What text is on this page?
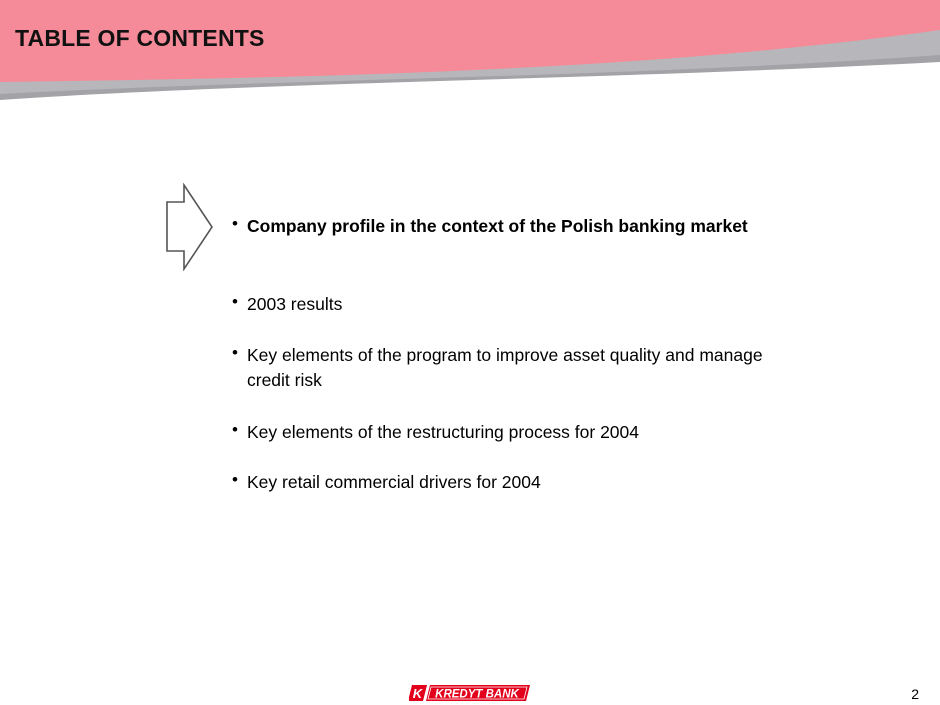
TABLE OF CONTENTS
• Company profile in the context of the Polish banking market
• 2003 results
• Key elements of the program to improve asset quality and manage credit risk
• Key elements of the restructuring process for 2004
• Key retail commercial drivers for 2004
K KREDYT BANK	2
